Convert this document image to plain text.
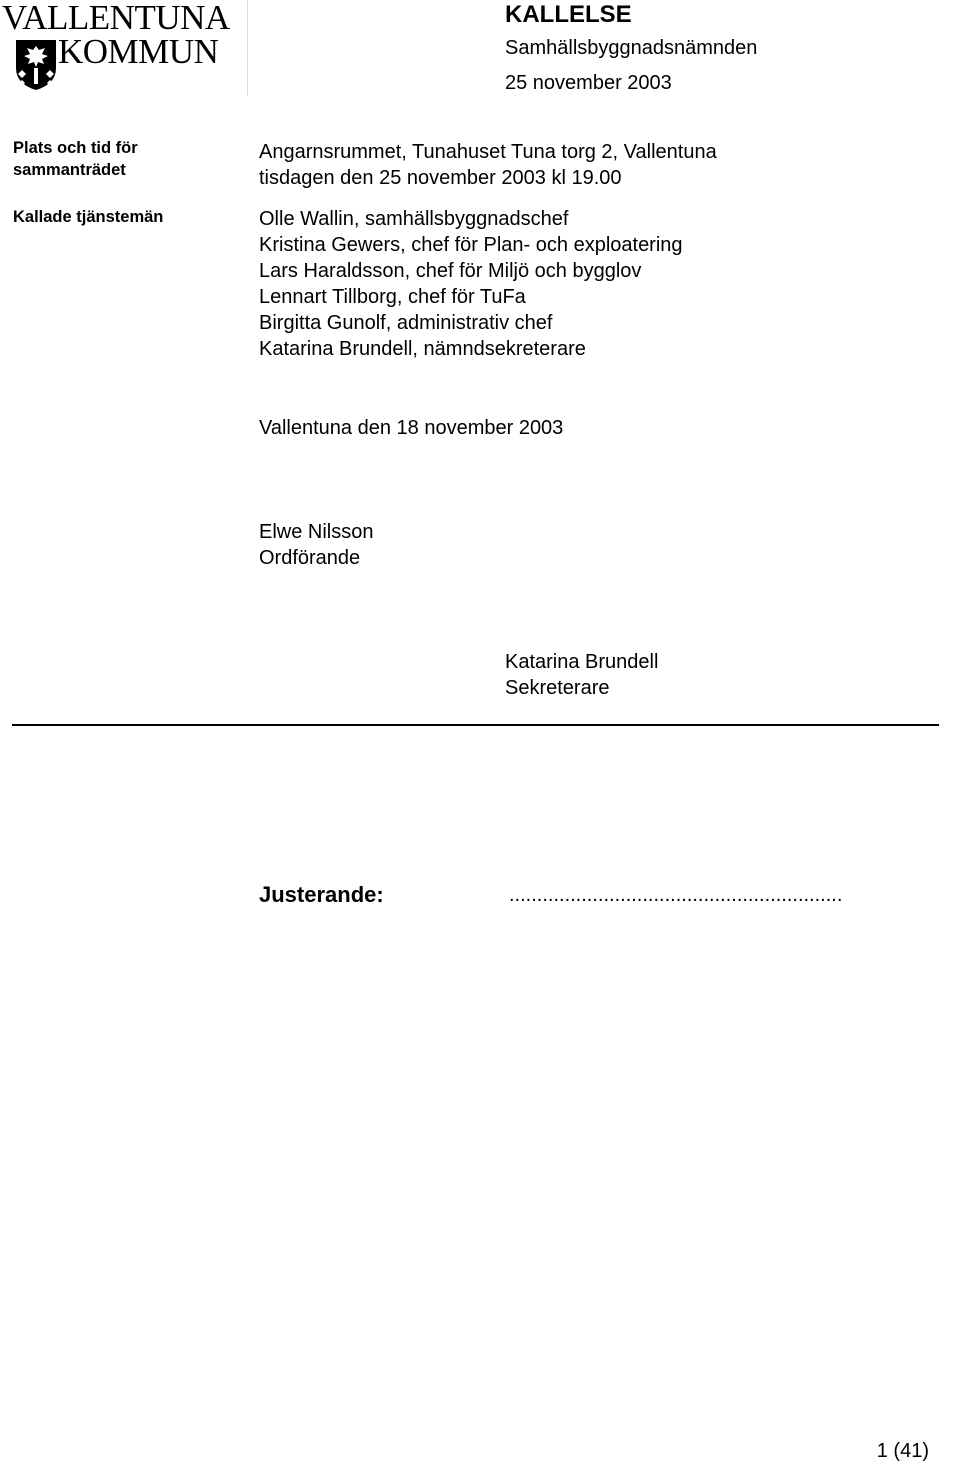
VALLENTUNA
KOMMUN
KALLELSE
Samhällsbyggnadsnämnden
25 november 2003
Plats och tid för sammanträdet
Angarnsrummet, Tunahuset Tuna torg 2, Vallentuna
tisdagen den 25 november 2003 kl 19.00
Kallade tjänstemän	Olle Wallin, samhällsbyggnadschef
Kristina Gewers, chef för Plan- och exploatering
Lars Haraldsson, chef för Miljö och bygglov
Lennart Tillborg, chef för TuFa
Birgitta Gunolf, administrativ chef
Katarina Brundell, nämndsekreterare
Vallentuna den 18 november 2003
Elwe Nilsson
Ordförande
Katarina Brundell
Sekreterare
Justerande:	............................................................
1 (41)
